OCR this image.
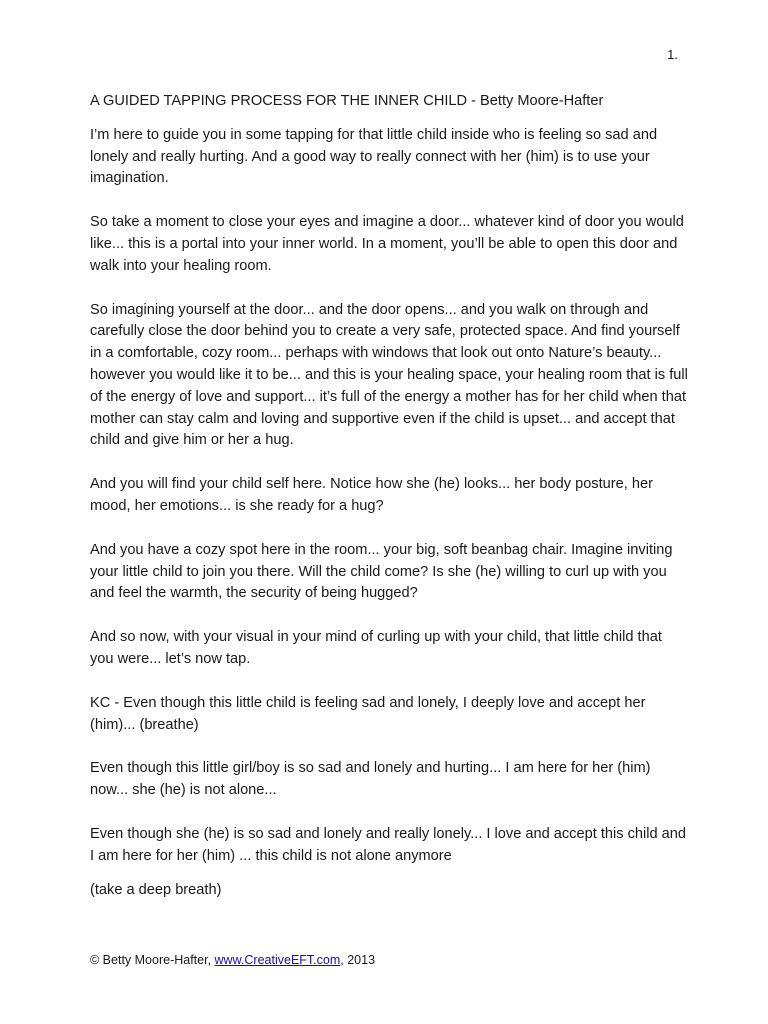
1.
A GUIDED TAPPING PROCESS FOR THE INNER CHILD - Betty Moore-Hafter

I’m here to guide you in some tapping for that little child inside who is feeling so sad and lonely and really hurting. And a good way to really connect with her (him) is to use your imagination.

So take a moment to close your eyes and imagine a door... whatever kind of door you would like... this is a portal into your inner world. In a moment, you’ll be able to open this door and walk into your healing room.

So imagining yourself at the door... and the door opens... and you walk on through and carefully close the door behind you to create a very safe, protected space. And find yourself in a comfortable, cozy room... perhaps with windows that look out onto Nature’s beauty... however you would like it to be... and this is your healing space, your healing room that is full of the energy of love and support... it’s full of the energy a mother has for her child when that mother can stay calm and loving and supportive even if the child is upset... and accept that child and give him or her a hug.

And you will find your child self here. Notice how she (he) looks... her body posture, her mood, her emotions... is she ready for a hug?

And you have a cozy spot here in the room... your big, soft beanbag chair. Imagine inviting your little child to join you there. Will the child come? Is she (he) willing to curl up with you and feel the warmth, the security of being hugged?

And so now, with your visual in your mind of curling up with your child, that little child that you were... let’s now tap.

KC - Even though this little child is feeling sad and lonely, I deeply love and accept her (him)... (breathe)

Even though this little girl/boy is so sad and lonely and hurting... I am here for her (him) now... she (he) is not alone...

Even though she (he) is so sad and lonely and really lonely... I love and accept this child and I am here for her (him) ... this child is not alone anymore

(take a deep breath)

© Betty Moore-Hafter, www.CreativeEFT.com, 2013
